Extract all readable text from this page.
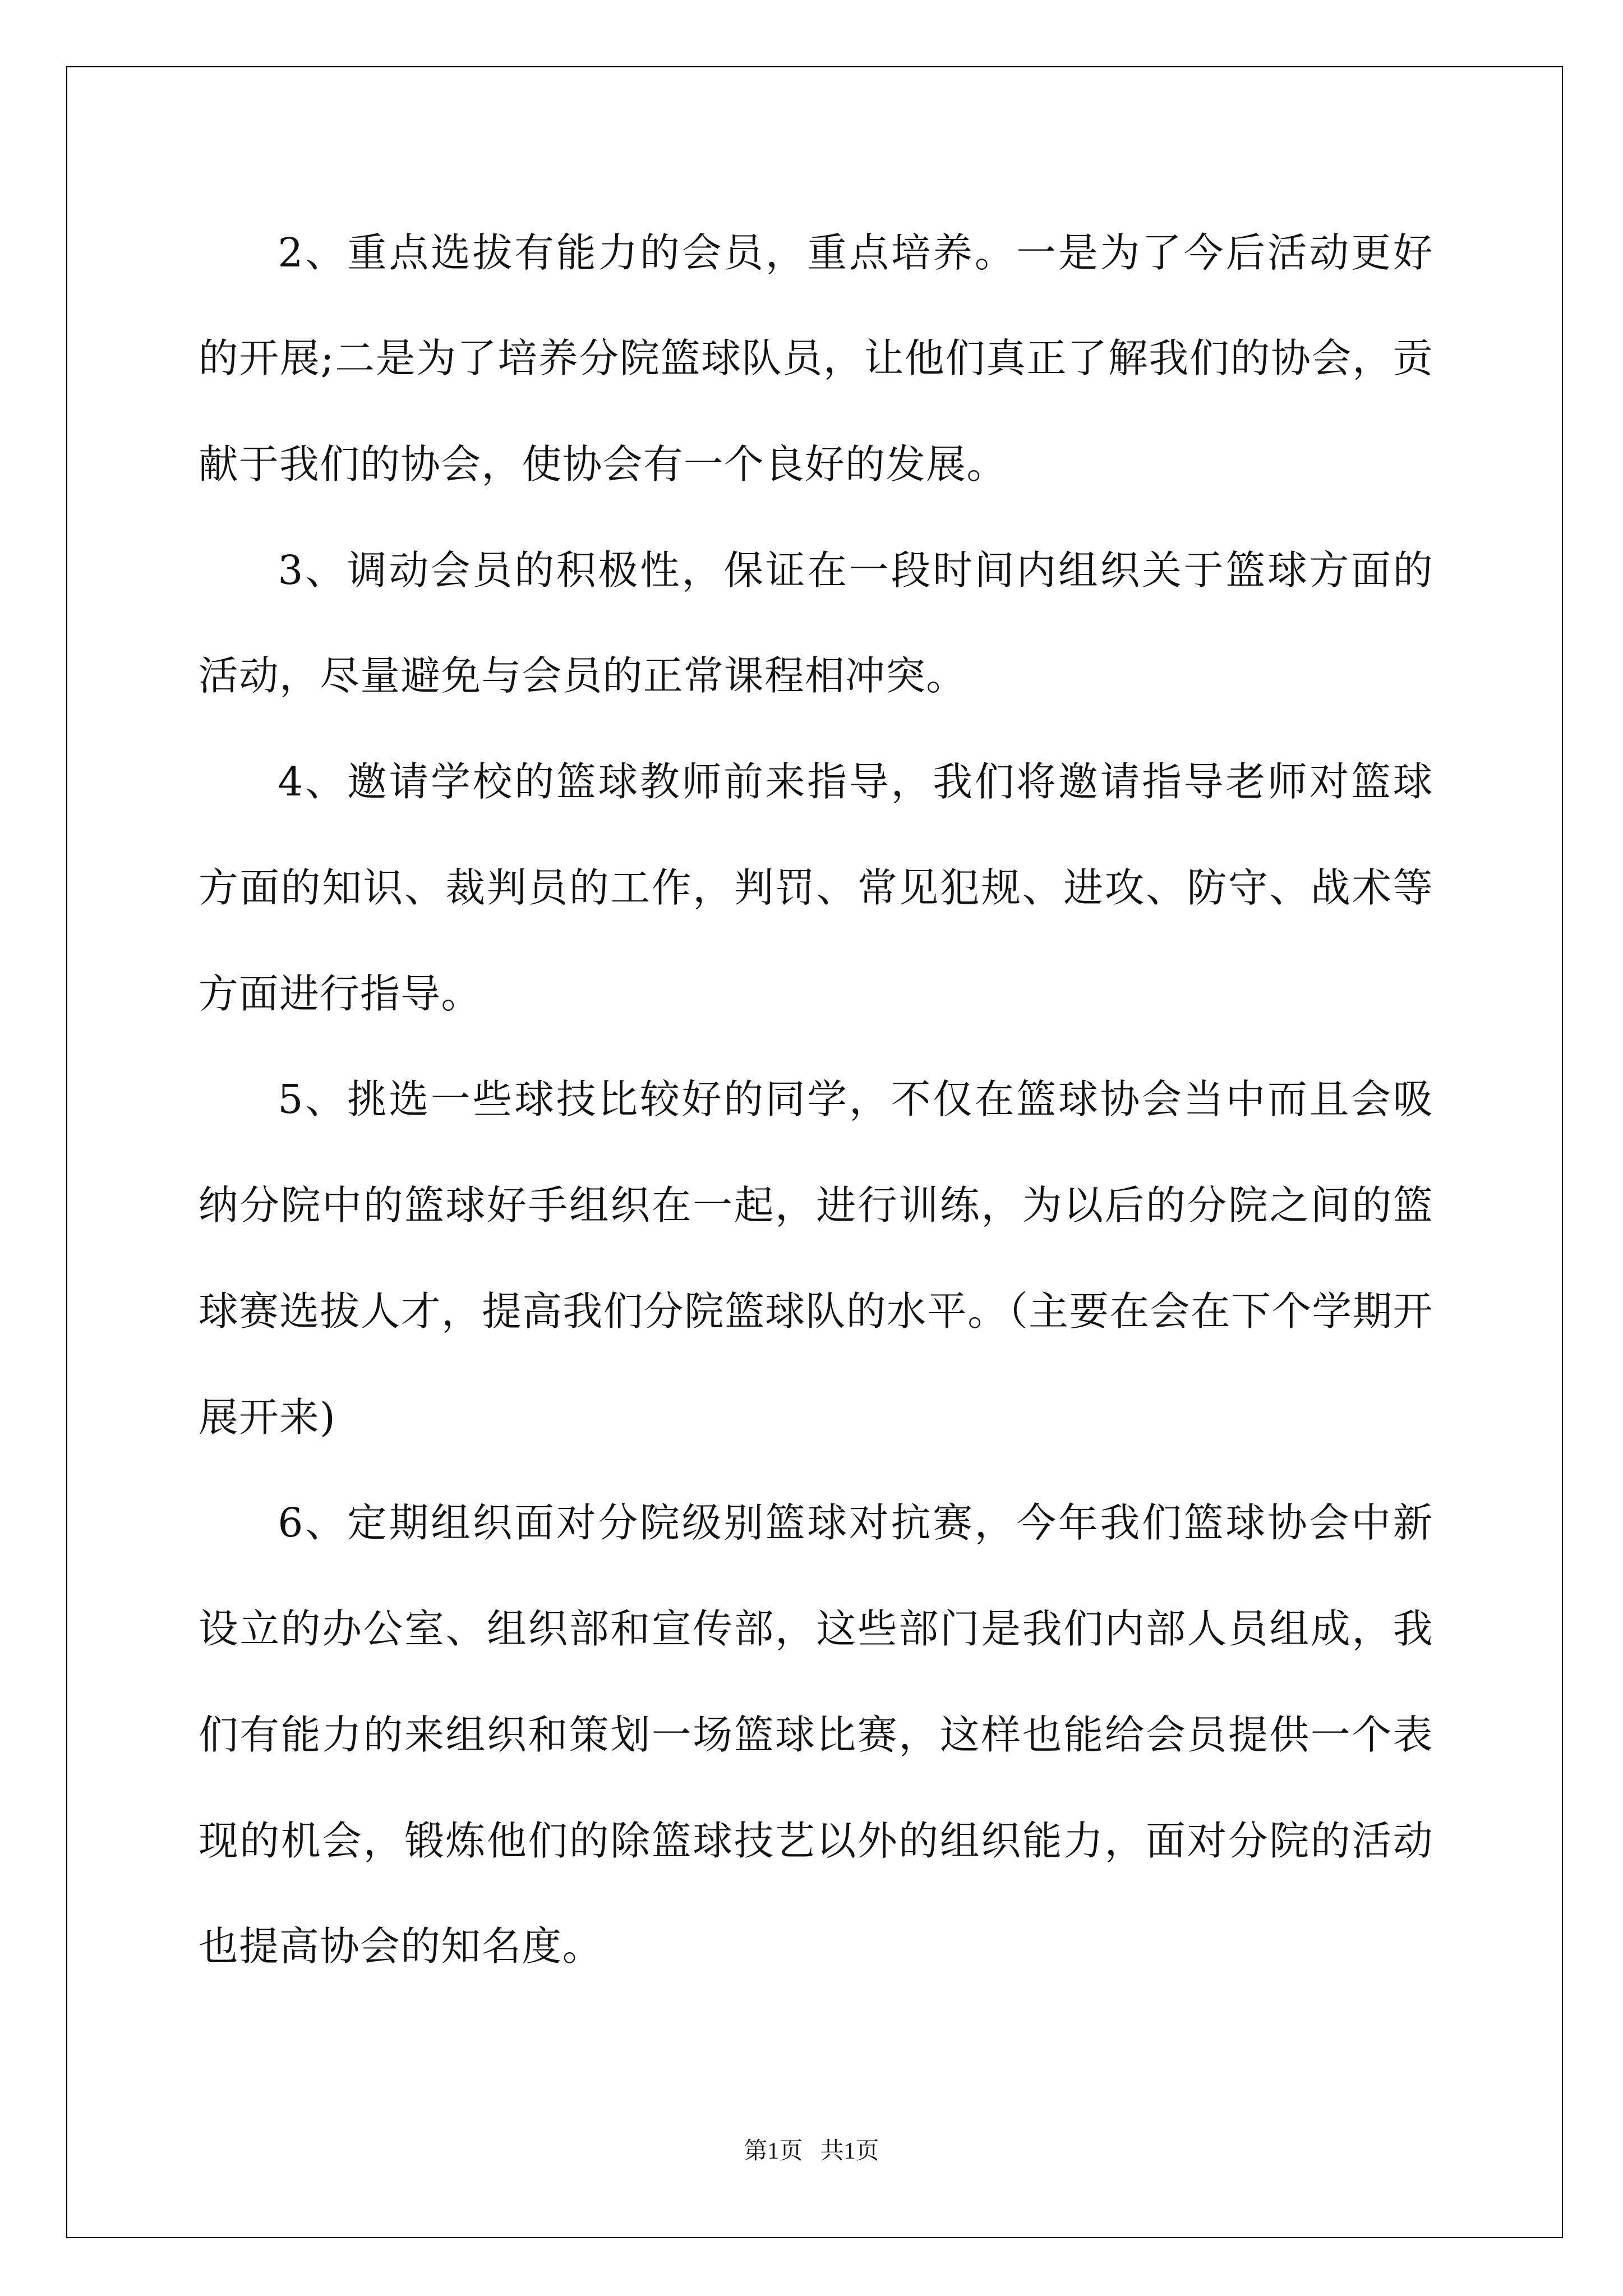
2、重点选拔有能力的会员，重点培养。一是为了今后活动更好的开展;二是为了培养分院篮球队员，让他们真正了解我们的协会，贡献于我们的协会，使协会有一个良好的发展。

3、调动会员的积极性，保证在一段时间内组织关于篮球方面的活动，尽量避免与会员的正常课程相冲突。

4、邀请学校的篮球教师前来指导，我们将邀请指导老师对篮球方面的知识、裁判员的工作，判罚、常见犯规、进攻、防守、战术等方面进行指导。

5、挑选一些球技比较好的同学，不仅在篮球协会当中而且会吸纳分院中的篮球好手组织在一起，进行训练，为以后的分院之间的篮球赛选拔人才，提高我们分院篮球队的水平。（主要在会在下个学期开展开来)

6、定期组织面对分院级别篮球对抗赛，今年我们篮球协会中新设立的办公室、组织部和宣传部，这些部门是我们内部人员组成，我们有能力的来组织和策划一场篮球比赛，这样也能给会员提供一个表现的机会，锻炼他们的除篮球技艺以外的组织能力，面对分院的活动也提高协会的知名度。

第1页   共1页
